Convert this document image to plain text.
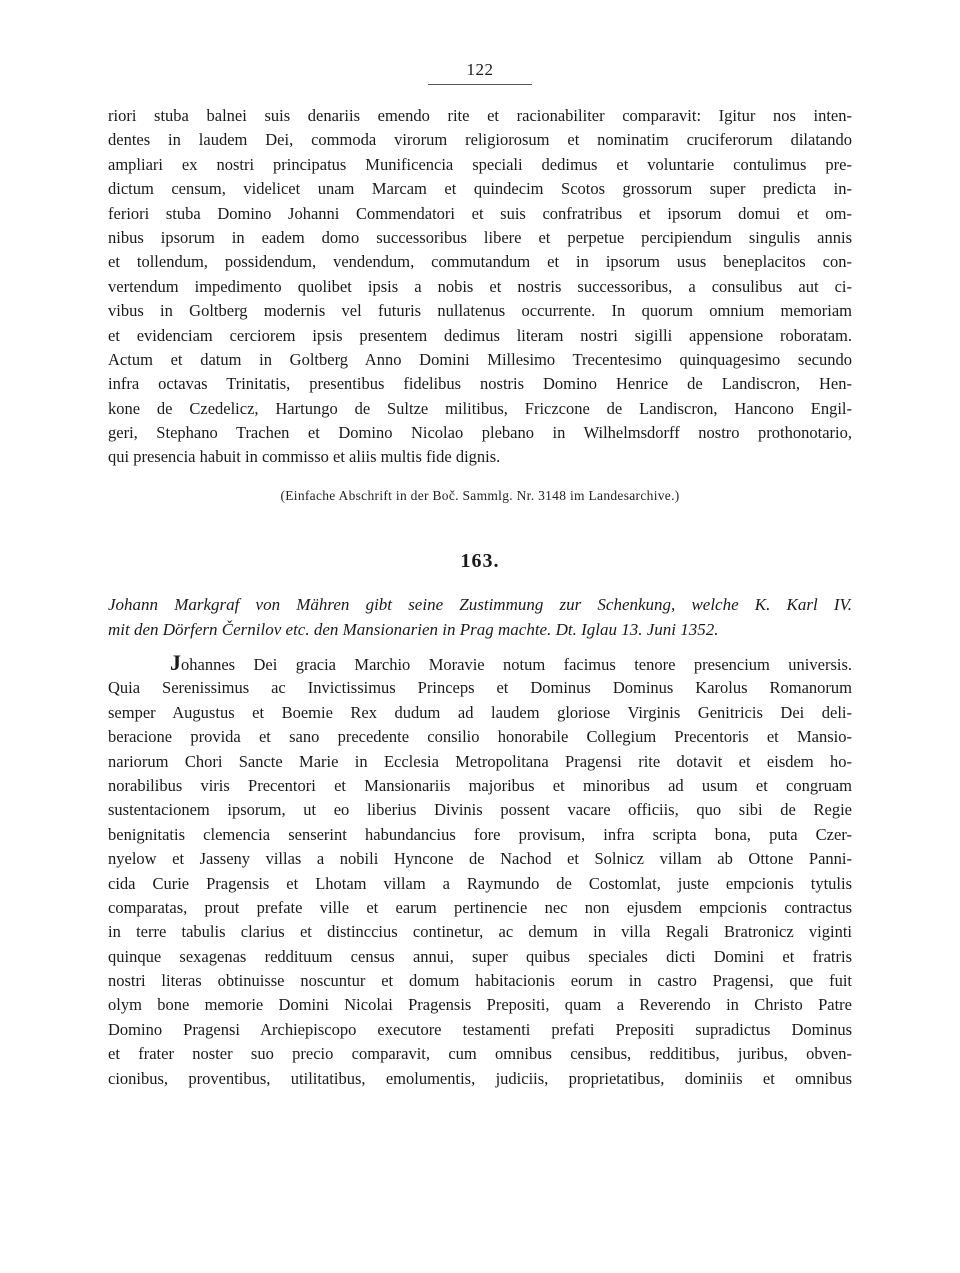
122
riori stuba balnei suis denariis emendo rite et racionabiliter comparavit: Igitur nos inten-
dentes in laudem Dei, commoda virorum religiorosum et nominatim cruciferorum dilatando
ampliari ex nostri principatus Munificencia speciali dedimus et voluntarie contulimus pre-
dictum censum, videlicet unam Marcam et quindecim Scotos grossorum super predicta in-
feriori stuba Domino Johanni Commendatori et suis confratribus et ipsorum domui et om-
nibus ipsorum in eadem domo successoribus libere et perpetue percipiendum singulis annis
et tollendum, possidendum, vendendum, commutandum et in ipsorum usus beneplacitos con-
vertendum impedimento quolibet ipsis a nobis et nostris successoribus, a consulibus aut ci-
vibus in Goltberg modernis vel futuris nullatenus occurrente. In quorum omnium memoriam
et evidenciam cerciorem ipsis presentem dedimus literam nostri sigilli appensione roboratam.
Actum et datum in Goltberg Anno Domini Millesimo Trecentesimo quinquagesimo secundo
infra octavas Trinitatis, presentibus fidelibus nostris Domino Henrice de Landiscron, Hen-
kone de Czedelicz, Hartungo de Sultze militibus, Friczcone de Landiscron, Hancono Engil-
geri, Stephano Trachen et Domino Nicolao plebano in Wilhelmsdorff nostro prothonotario,
qui presencia habuit in commisso et aliis multis fide dignis.
(Einfache Abschrift in der Boč. Sammlg. Nr. 3148 im Landesarchive.)
163.
Johann Markgraf von Mähren gibt seine Zustimmung zur Schenkung, welche K. Karl IV.
mit den Dörfern Černilov etc. den Mansionarien in Prag machte. Dt. Iglau 13. Juni 1352.
Johannes Dei gracia Marchio Moravie notum facimus tenore presencium universis.
Quia Serenissimus ac Invictissimus Princeps et Dominus Dominus Karolus Romanorum
semper Augustus et Boemie Rex dudum ad laudem gloriose Virginis Genitricis Dei deli-
beracione provida et sano precedente consilio honorabile Collegium Precentoris et Mansio-
nariorum Chori Sancte Marie in Ecclesia Metropolitana Pragensi rite dotavit et eisdem ho-
norabilibus viris Precentori et Mansionariis majoribus et minoribus ad usum et congruam
sustentacionem ipsorum, ut eo liberius Divinis possent vacare officiis, quo sibi de Regie
benignitatis clemencia senserint habundancius fore provisum, infra scripta bona, puta Czer-
nyelow et Jasseny villas a nobili Hyncone de Nachod et Solnicz villam ab Ottone Panni-
cida Curie Pragensis et Lhotam villam a Raymundo de Costomlat, juste empcionis tytulis
comparatas, prout prefate ville et earum pertinencie nec non ejusdem empcionis contractus
in terre tabulis clarius et distinccius continetur, ac demum in villa Regali Bratronicz viginti
quinque sexagenas reddituum census annui, super quibus speciales dicti Domini et fratris
nostri literas obtinuisse noscuntur et domum habitacionis eorum in castro Pragensi, que fuit
olym bone memorie Domini Nicolai Pragensis Prepositi, quam a Reverendo in Christo Patre
Domino Pragensi Archiepiscopo executore testamenti prefati Prepositi supradictus Dominus
et frater noster suo precio comparavit, cum omnibus censibus, redditibus, juribus, obven-
cionibus, proventibus, utilitatibus, emolumentis, judiciis, proprietatibus, dominiis et omnibus
